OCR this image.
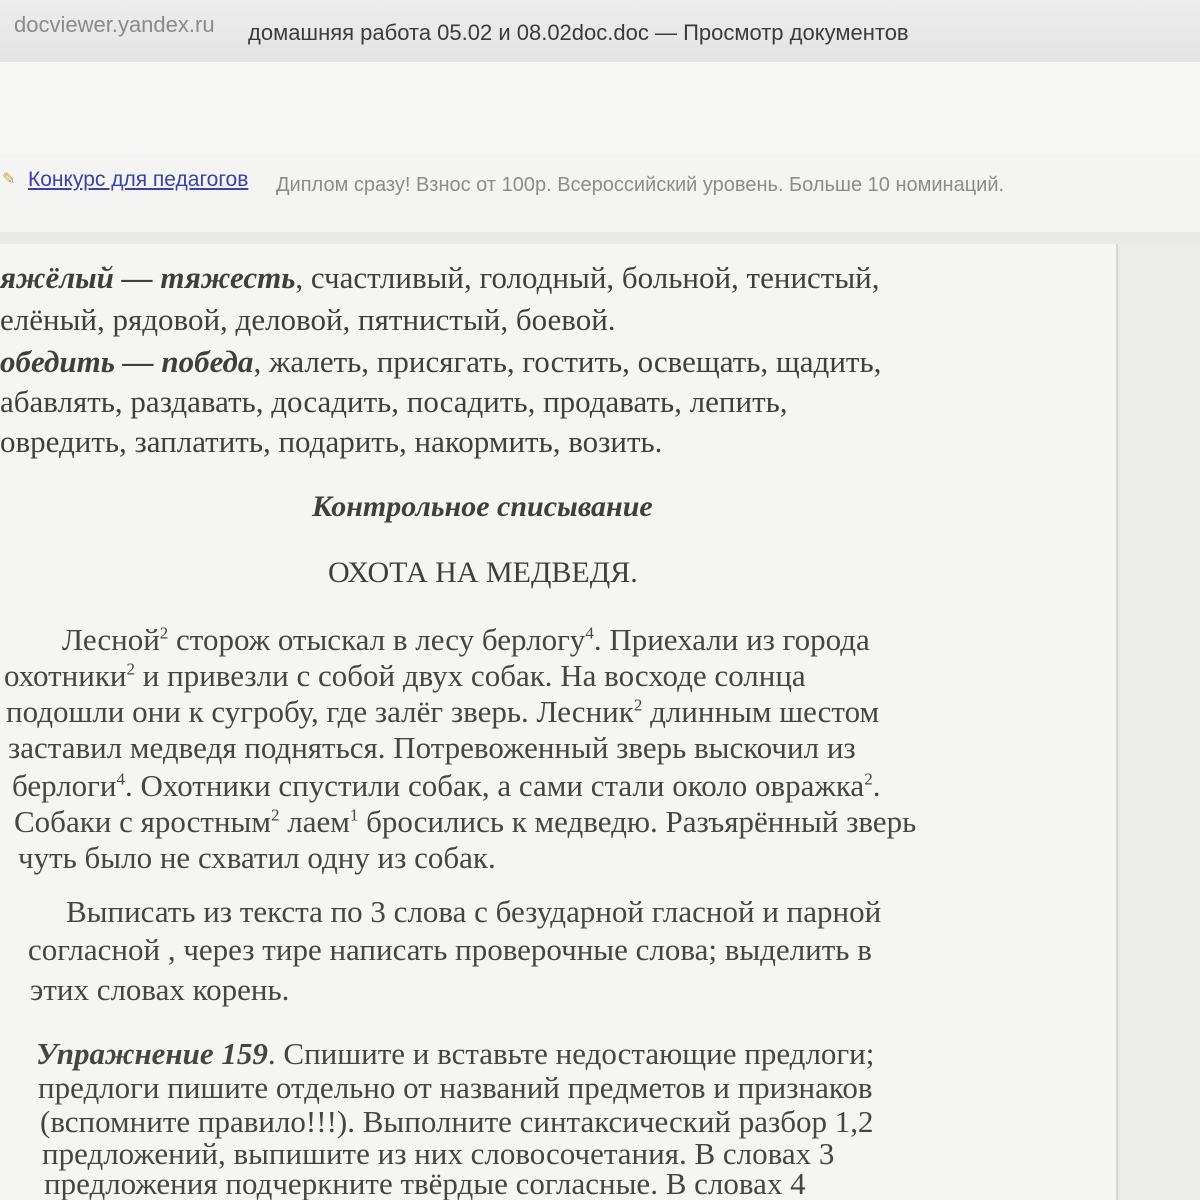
docviewer.yandex.ru домашняя работа 05.02 и 08.02doc.doc — Просмотр документов
✎ Конкурс для педагогов Диплом сразу! Взнос от 100р. Всероссийский уровень. Больше 10 номинаций.
яжёлый — тяжесть, счастливый, голодный, больной, тенистый,
елёный, рядовой, деловой, пятнистый, боевой.
обедить — победа, жалеть, присягать, гостить, освещать, щадить,
абавлять, раздавать, досадить, посадить, продавать, лепить,
овредить, заплатить, подарить, накормить, возить.
Контрольное списывание
ОХОТА НА МЕДВЕДЯ.
Лесной$^2$ сторож отыскал в лесу берлогу$^4$. Приехали из города
охотники$^2$ и привезли с собой двух собак. На восходе солнца
подошли они к сугробу, где залёг зверь. Лесник$^2$ длинным шестом
заставил медведя подняться. Потревоженный зверь выскочил из
берлоги$^4$. Охотники спустили собак, а сами стали около овражка$^2$.
Собаки с яростным$^2$ лаем$^1$ бросились к медведю. Разъярённый зверь
чуть было не схватил одну из собак.
Выписать из текста по 3 слова с безударной гласной и парной
согласной , через тире написать проверочные слова; выделить в
этих словах корень.
Упражнение 159. Спишите и вставьте недостающие предлоги;
предлоги пишите отдельно от названий предметов и признаков
(вспомните правило!!!). Выполните синтаксический разбор 1,2
предложений, выпишите из них словосочетания. В словах 3
предложения подчеркните твёрдые согласные. В словах 4
